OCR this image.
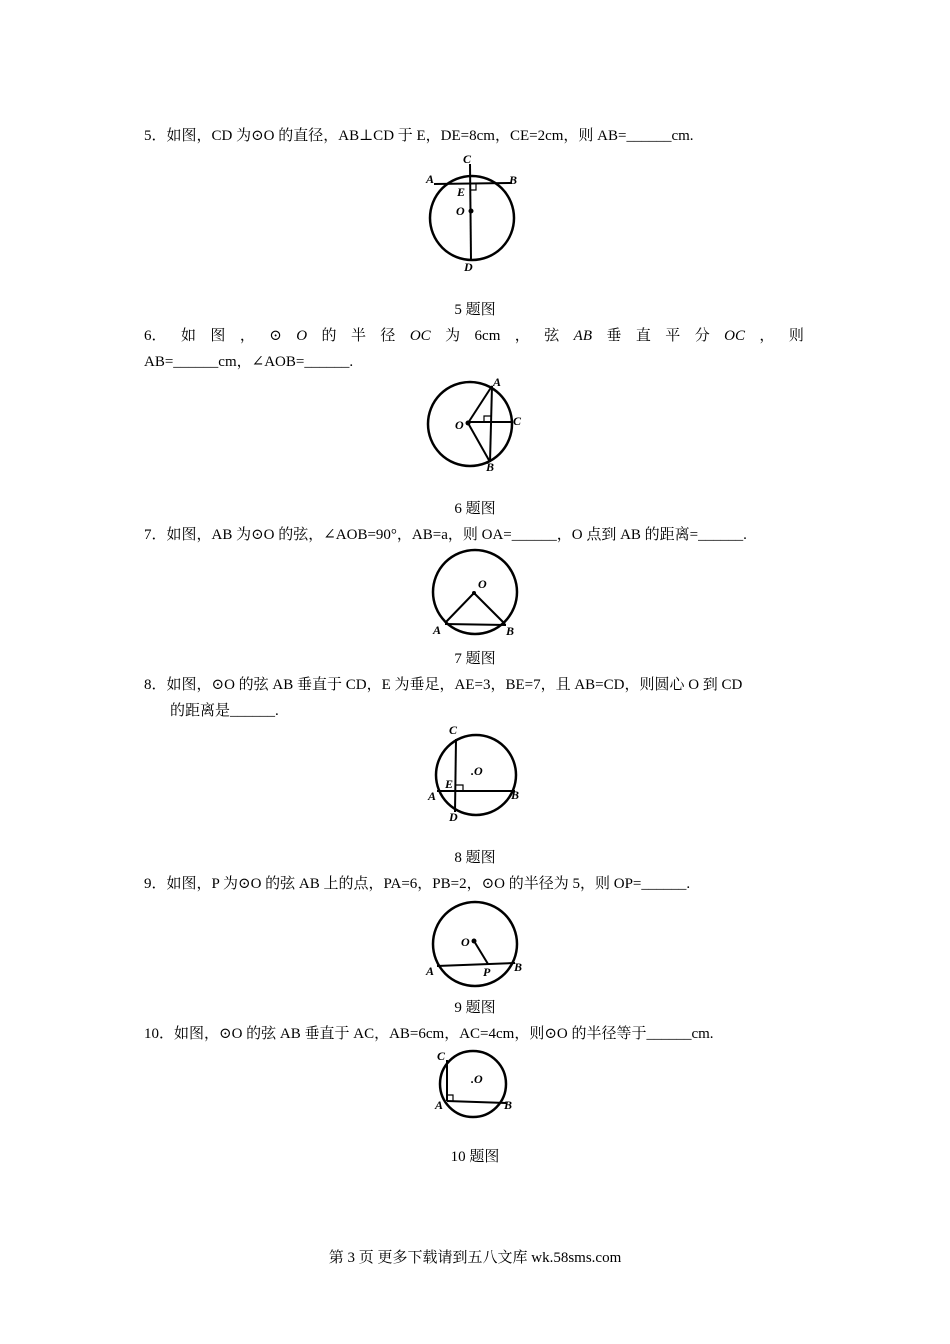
5．如图，CD 为⊙O 的直径，AB⊥CD 于 E，DE=8cm，CE=2cm，则 AB=______cm.
C
A	B
E
O
D
5 题图
6． 如 图 ， ⊙ O 的 半 径 OC 为 6cm ， 弦 AB 垂 直 平 分 OC ， 则
AB=______cm，∠AOB=______.
A
O	C
B
6 题图
7．如图，AB 为⊙O 的弦，∠AOB=90°，AB=a，则 OA=______，O 点到 AB 的距离=______.
O
A	B
7 题图
8．如图，⊙O 的弦 AB 垂直于 CD，E 为垂足，AE=3，BE=7，且 AB=CD，则圆心 O 到 CD
的距离是______.
C
.O
E
A	B
D
8 题图
9．如图，P 为⊙O 的弦 AB 上的点，PA=6，PB=2，⊙O 的半径为 5，则 OP=______.
O
A	P B
9 题图
10．如图，⊙O 的弦 AB 垂直于 AC，AB=6cm，AC=4cm，则⊙O 的半径等于______cm.
C
.O
A	B
10 题图
第 3 页 更多下载请到五八文库 wk.58sms.com
